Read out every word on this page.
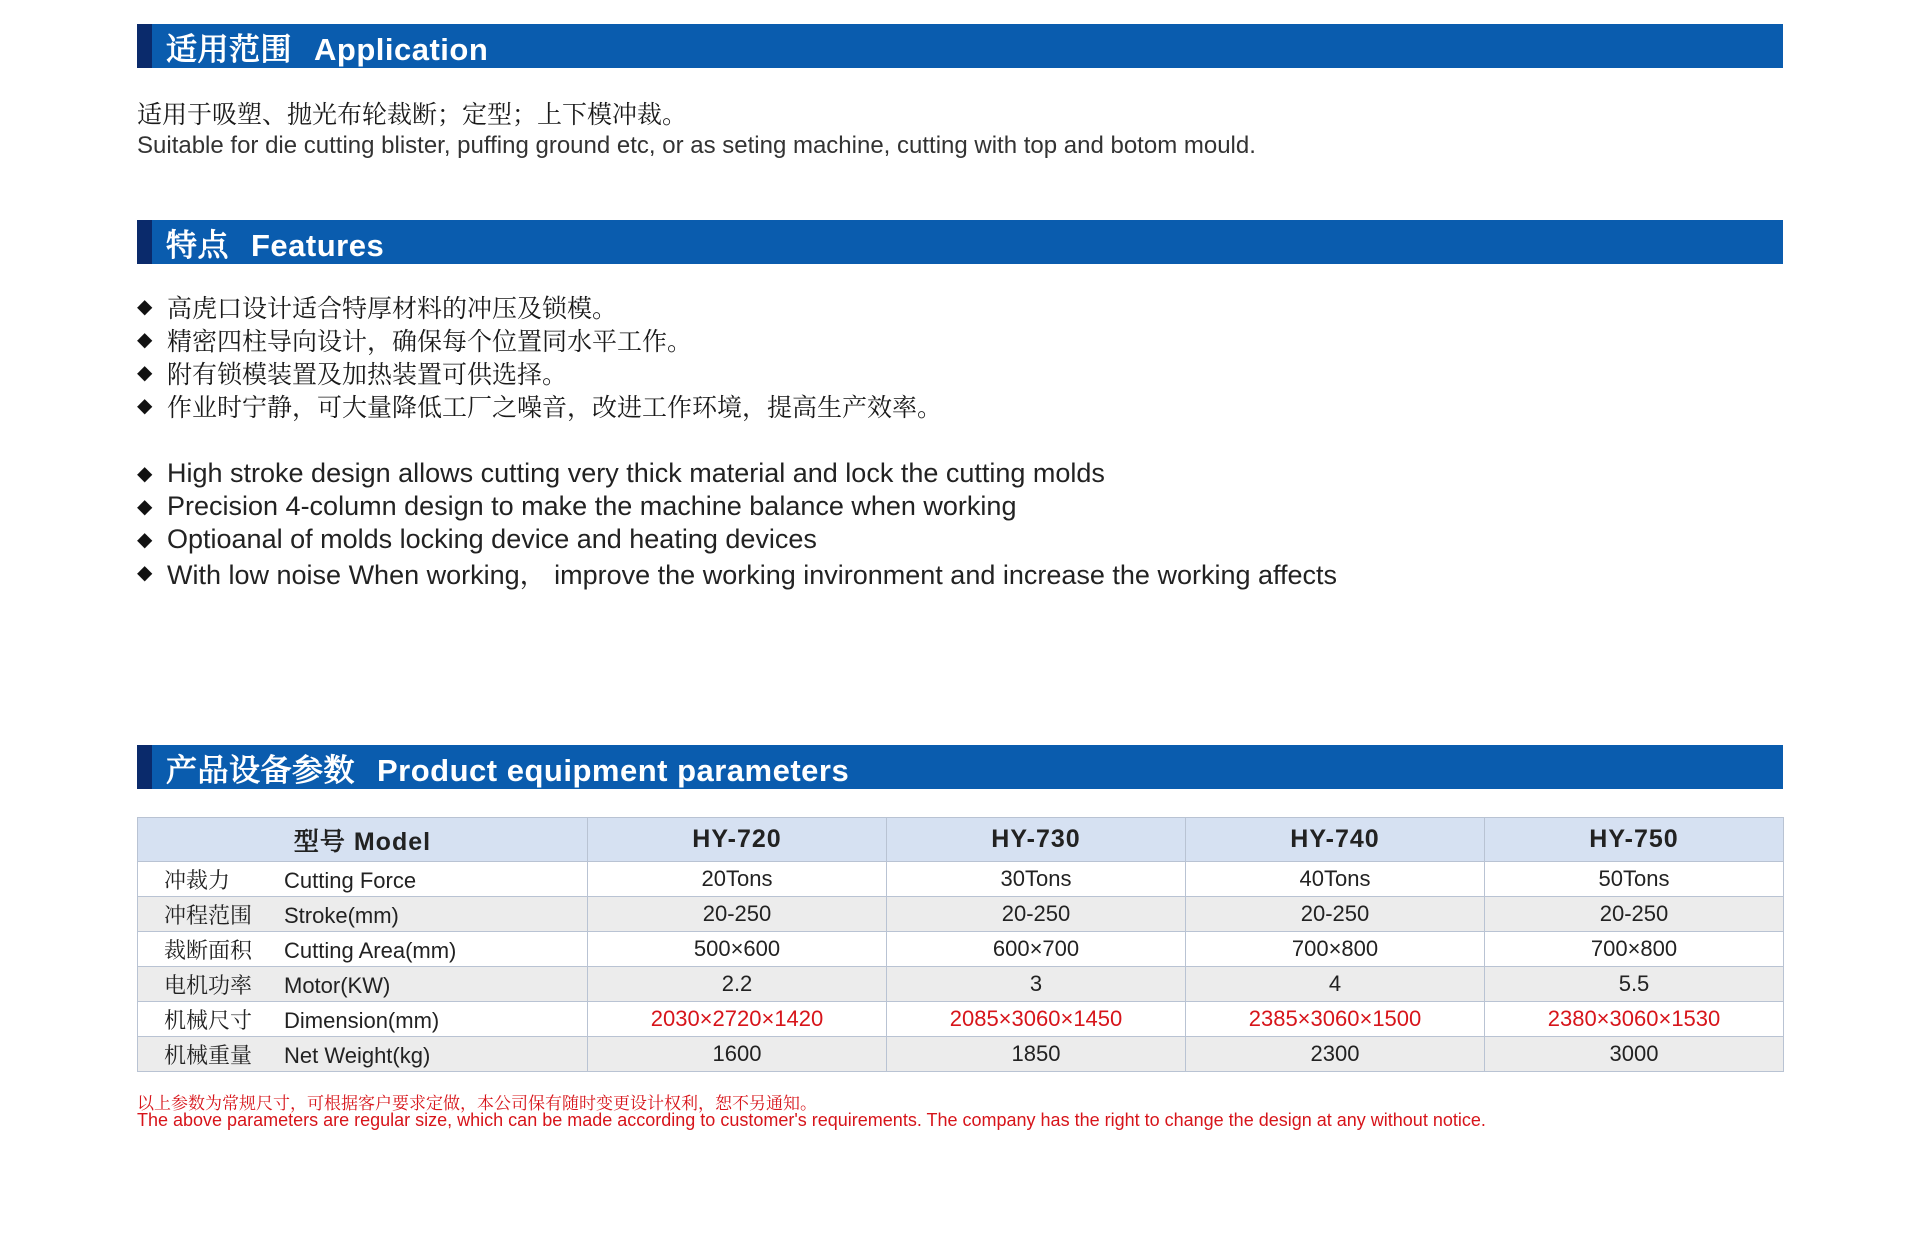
适用范围 Application
适用于吸塑、抛光布轮裁断；定型；上下模冲裁。
Suitable for die cutting blister, puffing ground etc, or as seting machine, cutting with top and botom mould.
特点 Features
◆ 高虎口设计适合特厚材料的冲压及锁模。
◆ 精密四柱导向设计，确保每个位置同水平工作。
◆ 附有锁模装置及加热装置可供选择。
◆ 作业时宁静，可大量降低工厂之噪音，改进工作环境，提高生产效率。
◆ High stroke design allows cutting very thick material and lock the cutting molds
◆ Precision 4-column design to make the machine balance when working
◆ Optioanal of molds locking device and heating devices
◆ With low noise When working， improve the working invironment and increase the working affects
产品设备参数 Product equipment parameters
型号 Model	HY-720	HY-730	HY-740	HY-750
冲裁力 Cutting Force	20Tons	30Tons	40Tons	50Tons
冲程范围 Stroke(mm)	20-250	20-250	20-250	20-250
裁断面积 Cutting Area(mm)	500×600	600×700	700×800	700×800
电机功率 Motor(KW)	2.2	3	4	5.5
机械尺寸 Dimension(mm)	2030×2720×1420	2085×3060×1450	2385×3060×1500	2380×3060×1530
机械重量 Net Weight(kg)	1600	1850	2300	3000
以上参数为常规尺寸，可根据客户要求定做，本公司保有随时变更设计权利，恕不另通知。
The above parameters are regular size, which can be made according to customer's requirements. The company has the right to change the design at any without notice.
